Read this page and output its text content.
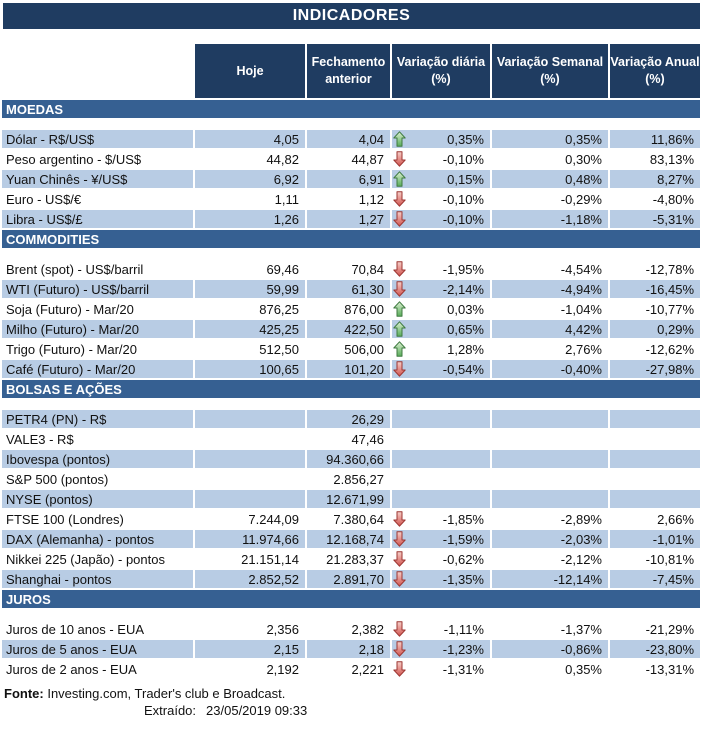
INDICADORES
	Hoje	Fechamento anterior	Variação diária (%)	Variação Semanal (%)	Variação Anual (%)
MOEDAS					

Dólar - R$/US$	4,05	4,04	0,35%	0,35%	11,86%
Peso argentino - $/US$	44,82	44,87	-0,10%	0,30%	83,13%
Yuan Chinês - ¥/US$	6,92	6,91	0,15%	0,48%	8,27%
Euro - US$/€	1,11	1,12	-0,10%	-0,29%	-4,80%
Libra - US$/£	1,26	1,27	-0,10%	-1,18%	-5,31%
COMMODITIES					

Brent (spot) - US$/barril	69,46	70,84	-1,95%	-4,54%	-12,78%
WTI (Futuro) - US$/barril	59,99	61,30	-2,14%	-4,94%	-16,45%
Soja (Futuro) - Mar/20	876,25	876,00	0,03%	-1,04%	-10,77%
Milho (Futuro) - Mar/20	425,25	422,50	0,65%	4,42%	0,29%
Trigo (Futuro) - Mar/20	512,50	506,00	1,28%	2,76%	-12,62%
Café (Futuro) - Mar/20	100,65	101,20	-0,54%	-0,40%	-27,98%
BOLSAS E AÇÕES					

PETR4 (PN) - R$		26,29	

VALE3 - R$		47,46	

Ibovespa (pontos)		94.360,66	

S&P 500 (pontos)		2.856,27	

NYSE (pontos)		12.671,99	

FTSE 100 (Londres)	7.244,09	7.380,64	-1,85%	-2,89%	2,66%
DAX (Alemanha) - pontos	11.974,66	12.168,74	-1,59%	-2,03%	-1,01%
Nikkei 225 (Japão) - pontos	21.151,14	21.283,37	-0,62%	-2,12%	-10,81%
Shanghai - pontos	2.852,52	2.891,70	-1,35%	-12,14%	-7,45%
JUROS					

Juros de 10 anos - EUA	2,356	2,382	-1,11%	-1,37%	-21,29%
Juros de 5 anos - EUA	2,15	2,18	-1,23%	-0,86%	-23,80%
Juros de 2 anos - EUA	2,192	2,221	-1,31%	0,35%	-13,31%
Fonte: Investing.com, Trader's club e Broadcast.
Extraído: 23/05/2019 09:33
